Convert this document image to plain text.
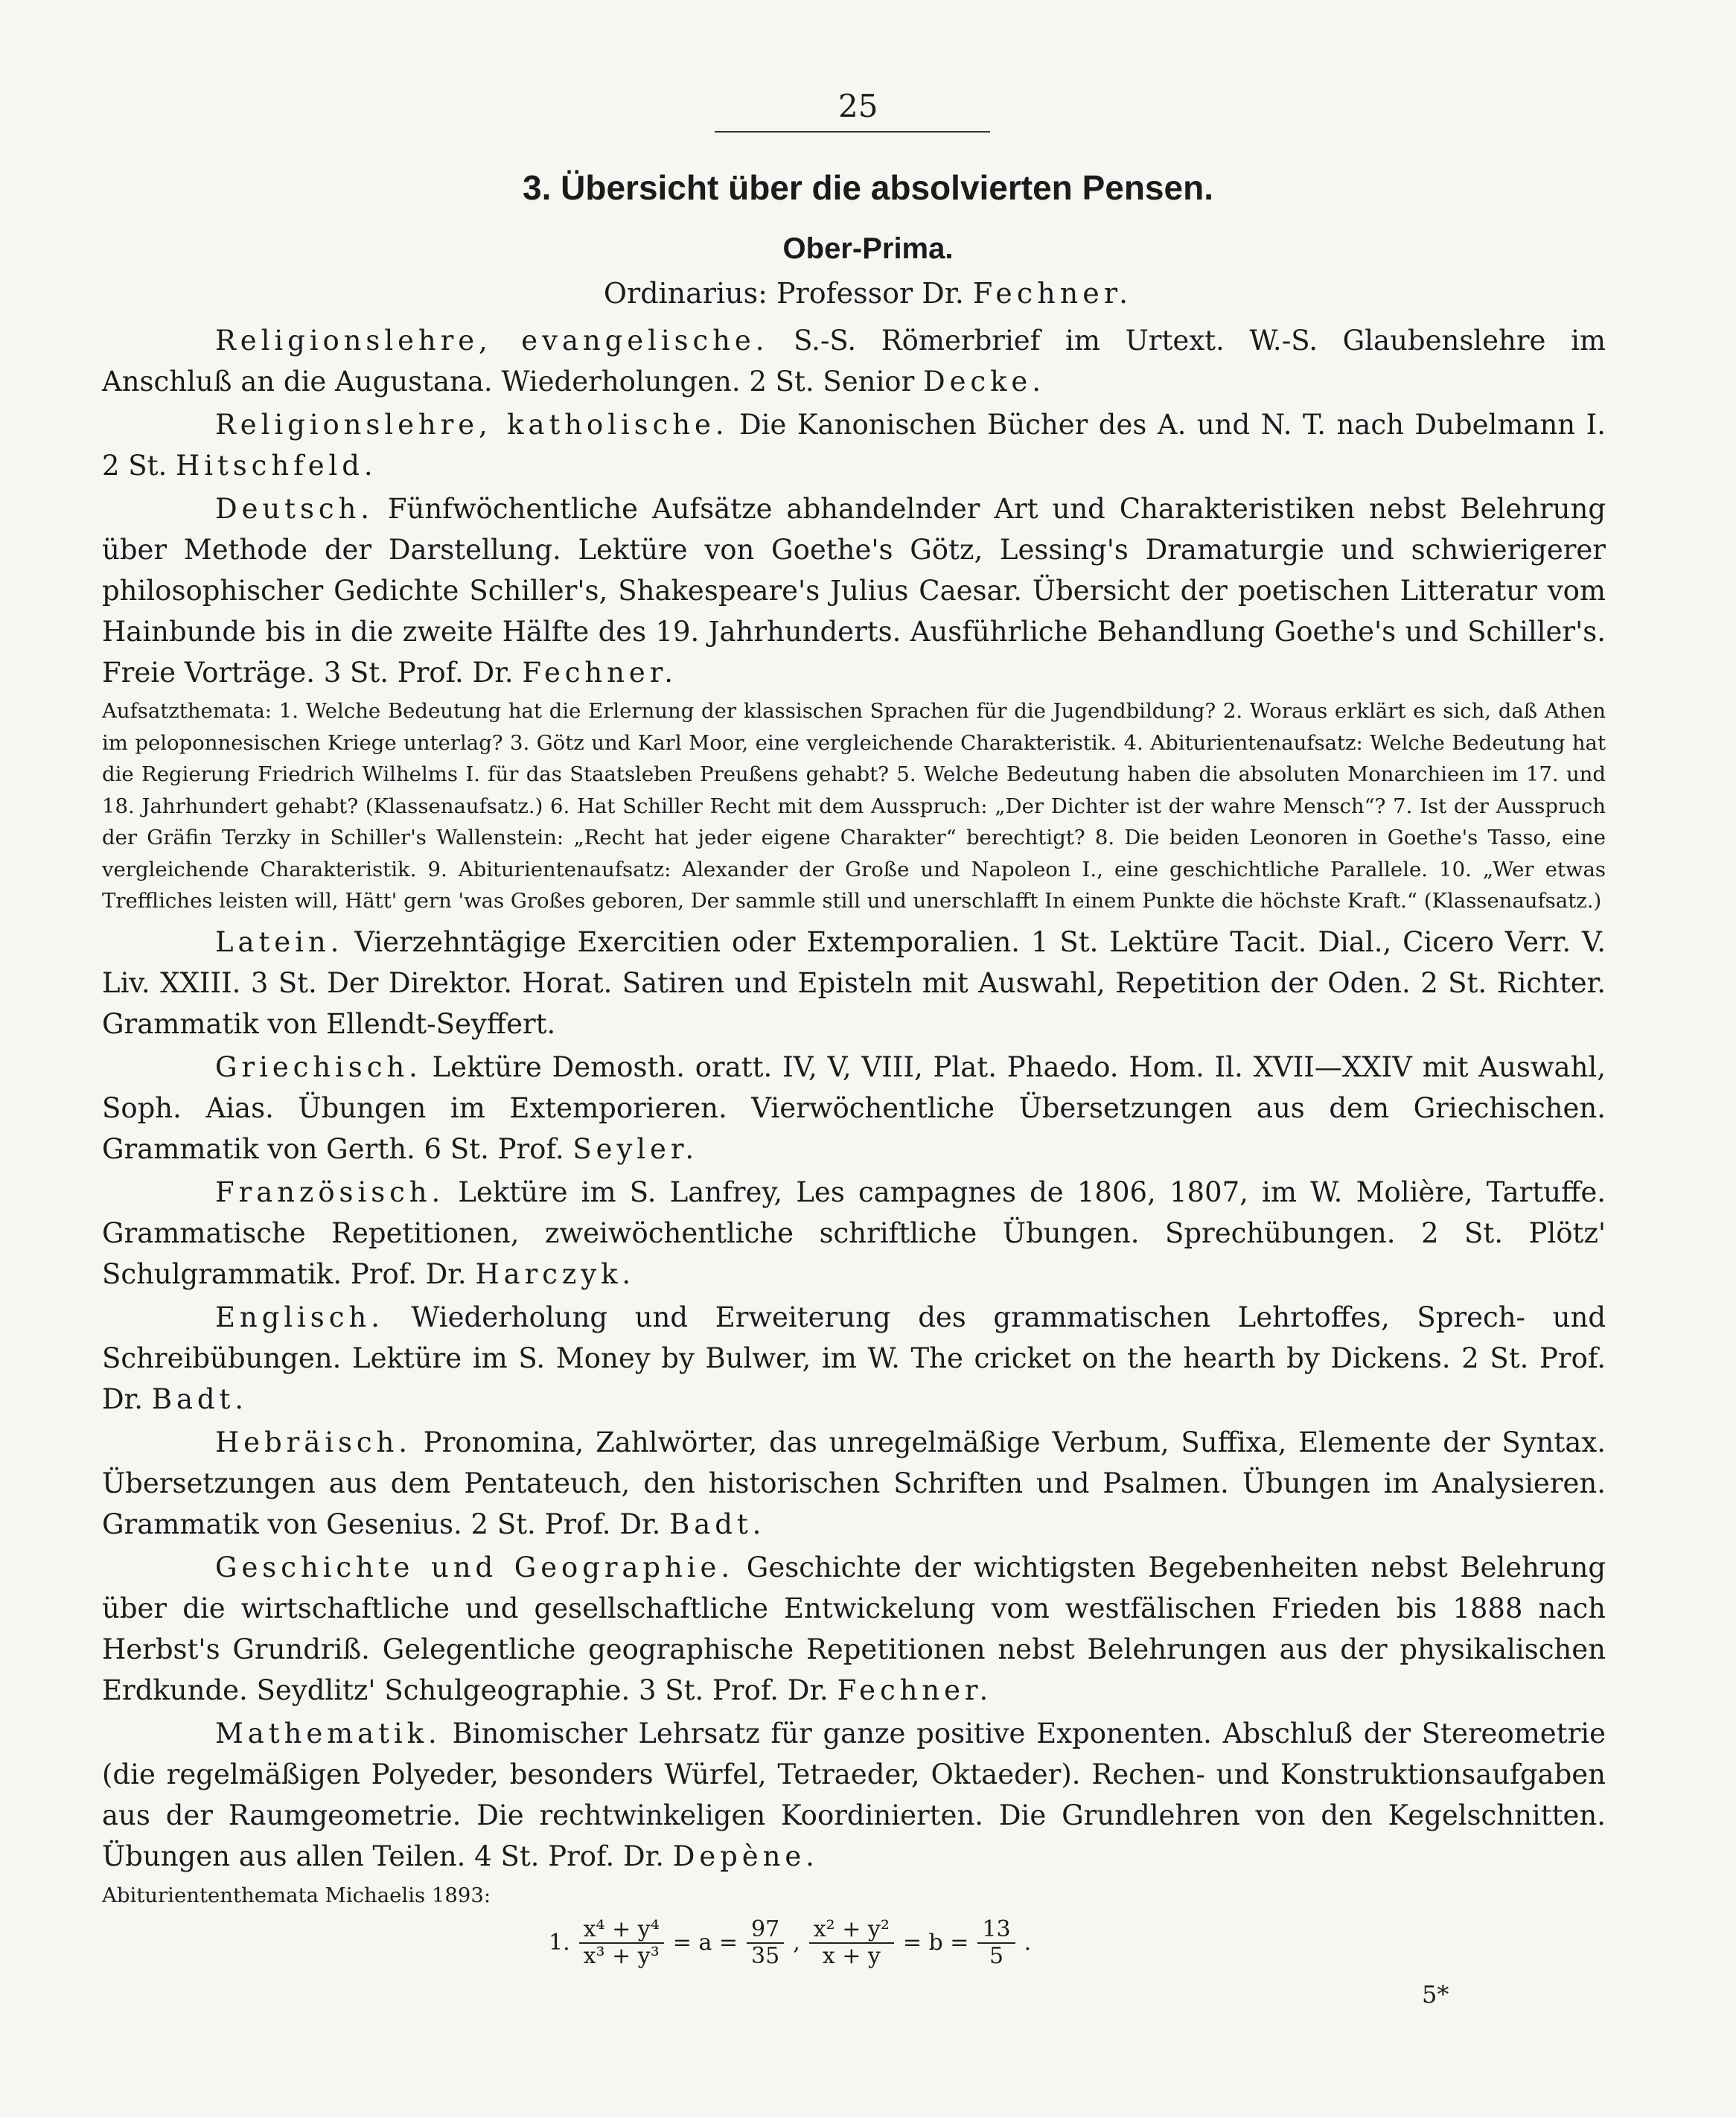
25
3. Übersicht über die absolvierten Pensen.
Ober-Prima.
Ordinarius: Professor Dr. Fechner.

Religionslehre, evangelische. S.-S. Römerbrief im Urtext. W.-S. Glaubenslehre im Anschluß an die Augustana. Wiederholungen. 2 St. Senior Decke.

Religionslehre, katholische. Die Kanonischen Bücher des A. und N. T. nach Dubelmann I. 2 St. Hitschfeld.

Deutsch. Fünfwöchentliche Aufsätze abhandelnder Art und Charakteristiken nebst Belehrung über Methode der Darstellung. Lektüre von Goethe's Götz, Lessing's Dramaturgie und schwierigerer philosophischer Gedichte Schiller's, Shakespeare's Julius Caesar. Übersicht der poetischen Litteratur vom Hainbunde bis in die zweite Hälfte des 19. Jahrhunderts. Ausführliche Behandlung Goethe's und Schiller's. Freie Vorträge. 3 St. Prof. Dr. Fechner.

Aufsatzthemata: 1. Welche Bedeutung hat die Erlernung der klassischen Sprachen für die Jugendbildung? 2. Woraus erklärt es sich, daß Athen im peloponnesischen Kriege unterlag? 3. Götz und Karl Moor, eine vergleichende Charakteristik. 4. Abiturientenaufsatz: Welche Bedeutung hat die Regierung Friedrich Wilhelms I. für das Staatsleben Preußens gehabt? 5. Welche Bedeutung haben die absoluten Monarchieen im 17. und 18. Jahrhundert gehabt? (Klassenaufsatz.) 6. Hat Schiller Recht mit dem Ausspruch: „Der Dichter ist der wahre Mensch“? 7. Ist der Ausspruch der Gräfin Terzky in Schiller's Wallenstein: „Recht hat jeder eigene Charakter“ berechtigt? 8. Die beiden Leonoren in Goethe's Tasso, eine vergleichende Charakteristik. 9. Abiturientenaufsatz: Alexander der Große und Napoleon I., eine geschichtliche Parallele. 10. „Wer etwas Treffliches leisten will, Hätt' gern 'was Großes geboren, Der sammle still und unerschlafft In einem Punkte die höchste Kraft.“ (Klassenaufsatz.)

Latein. Vierzehntägige Exercitien oder Extemporalien. 1 St. Lektüre Tacit. Dial., Cicero Verr. V. Liv. XXIII. 3 St. Der Direktor. Horat. Satiren und Episteln mit Auswahl, Repetition der Oden. 2 St. Richter. Grammatik von Ellendt-Seyffert.

Griechisch. Lektüre Demosth. oratt. IV, V, VIII, Plat. Phaedo. Hom. Il. XVII—XXIV mit Auswahl, Soph. Aias. Übungen im Extemporieren. Vierwöchentliche Übersetzungen aus dem Griechischen. Grammatik von Gerth. 6 St. Prof. Seyler.

Französisch. Lektüre im S. Lanfrey, Les campagnes de 1806, 1807, im W. Molière, Tartuffe. Grammatische Repetitionen, zweiwöchentliche schriftliche Übungen. Sprechübungen. 2 St. Plötz' Schulgrammatik. Prof. Dr. Harczyk.

Englisch. Wiederholung und Erweiterung des grammatischen Lehrtoffes, Sprech- und Schreibübungen. Lektüre im S. Money by Bulwer, im W. The cricket on the hearth by Dickens. 2 St. Prof. Dr. Badt.

Hebräisch. Pronomina, Zahlwörter, das unregelmäßige Verbum, Suffixa, Elemente der Syntax. Übersetzungen aus dem Pentateuch, den historischen Schriften und Psalmen. Übungen im Analysieren. Grammatik von Gesenius. 2 St. Prof. Dr. Badt.

Geschichte und Geographie. Geschichte der wichtigsten Begebenheiten nebst Belehrung über die wirtschaftliche und gesellschaftliche Entwickelung vom westfälischen Frieden bis 1888 nach Herbst's Grundriß. Gelegentliche geographische Repetitionen nebst Belehrungen aus der physikalischen Erdkunde. Seydlitz' Schulgeographie. 3 St. Prof. Dr. Fechner.

Mathematik. Binomischer Lehrsatz für ganze positive Exponenten. Abschluß der Stereometrie (die regelmäßigen Polyeder, besonders Würfel, Tetraeder, Oktaeder). Rechen- und Konstruktionsaufgaben aus der Raumgeometrie. Die rechtwinkeligen Koordinierten. Die Grundlehren von den Kegelschnitten. Übungen aus allen Teilen. 4 St. Prof. Dr. Depène.

Abituriententhemata Michaelis 1893:

1. $\frac{\text{x⁴ + y⁴}}{\text{x³ + y³}} = a = \frac{97}{35}$ , $\frac{\text{x² + y²}}{x + y} = b = \frac{13}{5}$ .
5*
